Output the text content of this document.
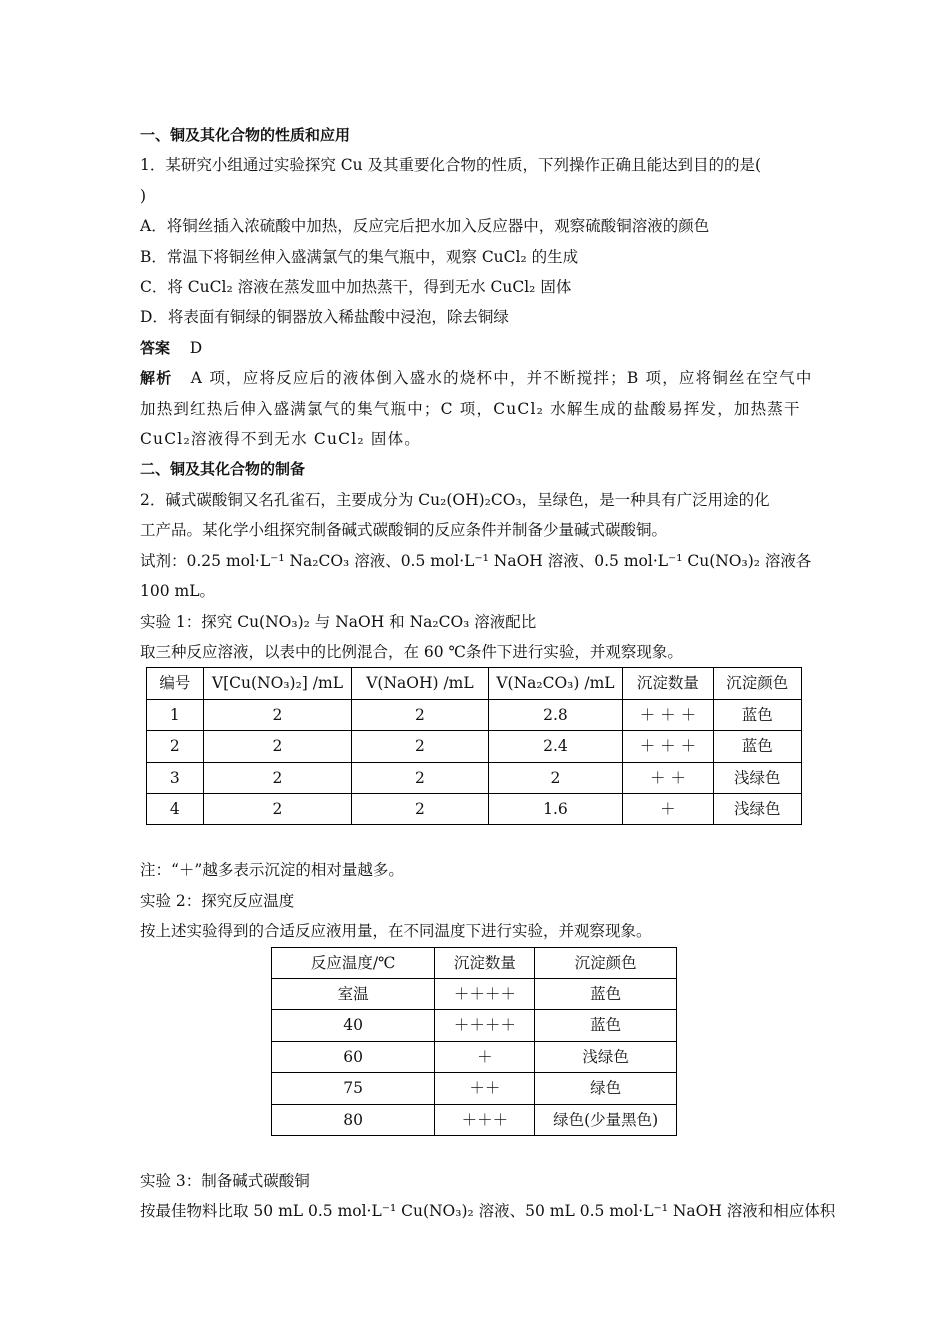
一、铜及其化合物的性质和应用
1．某研究小组通过实验探究 Cu 及其重要化合物的性质，下列操作正确且能达到目的的是(
)
A．将铜丝插入浓硫酸中加热，反应完后把水加入反应器中，观察硫酸铜溶液的颜色
B．常温下将铜丝伸入盛满氯气的集气瓶中，观察 CuCl₂ 的生成
C．将 CuCl₂ 溶液在蒸发皿中加热蒸干，得到无水 CuCl₂ 固体
D．将表面有铜绿的铜器放入稀盐酸中浸泡，除去铜绿
答案 D
解析 A 项，应将反应后的液体倒入盛水的烧杯中，并不断搅拌；B 项，应将铜丝在空气中
加热到红热后伸入盛满氯气的集气瓶中；C 项，CuCl₂ 水解生成的盐酸易挥发，加热蒸干
CuCl₂溶液得不到无水 CuCl₂ 固体。
二、铜及其化合物的制备
2．碱式碳酸铜又名孔雀石，主要成分为 Cu₂(OH)₂CO₃，呈绿色，是一种具有广泛用途的化
工产品。某化学小组探究制备碱式碳酸铜的反应条件并制备少量碱式碳酸铜。
试剂：0.25 mol·L⁻¹ Na₂CO₃ 溶液、0.5 mol·L⁻¹ NaOH 溶液、0.5 mol·L⁻¹ Cu(NO₃)₂ 溶液各
100 mL。
实验 1：探究 Cu(NO₃)₂ 与 NaOH 和 Na₂CO₃ 溶液配比
取三种反应溶液，以表中的比例混合，在 60 ℃条件下进行实验，并观察现象。
编号	V[Cu(NO₃)₂] /mL	V(NaOH) /mL	V(Na₂CO₃) /mL	沉淀数量	沉淀颜色
1	2	2	2.8	＋ ＋ ＋	蓝色
2	2	2	2.4	＋ ＋ ＋	蓝色
3	2	2	2	＋ ＋	浅绿色
4	2	2	1.6	＋	浅绿色
注：“＋”越多表示沉淀的相对量越多。
实验 2：探究反应温度
按上述实验得到的合适反应液用量，在不同温度下进行实验，并观察现象。
反应温度/℃	沉淀数量	沉淀颜色
室温	＋＋＋＋	蓝色
40	＋＋＋＋	蓝色
60	＋	浅绿色
75	＋＋	绿色
80	＋＋＋	绿色(少量黑色)
实验 3：制备碱式碳酸铜
按最佳物料比取 50 mL 0.5 mol·L⁻¹ Cu(NO₃)₂ 溶液、50 mL 0.5 mol·L⁻¹ NaOH 溶液和相应体积
